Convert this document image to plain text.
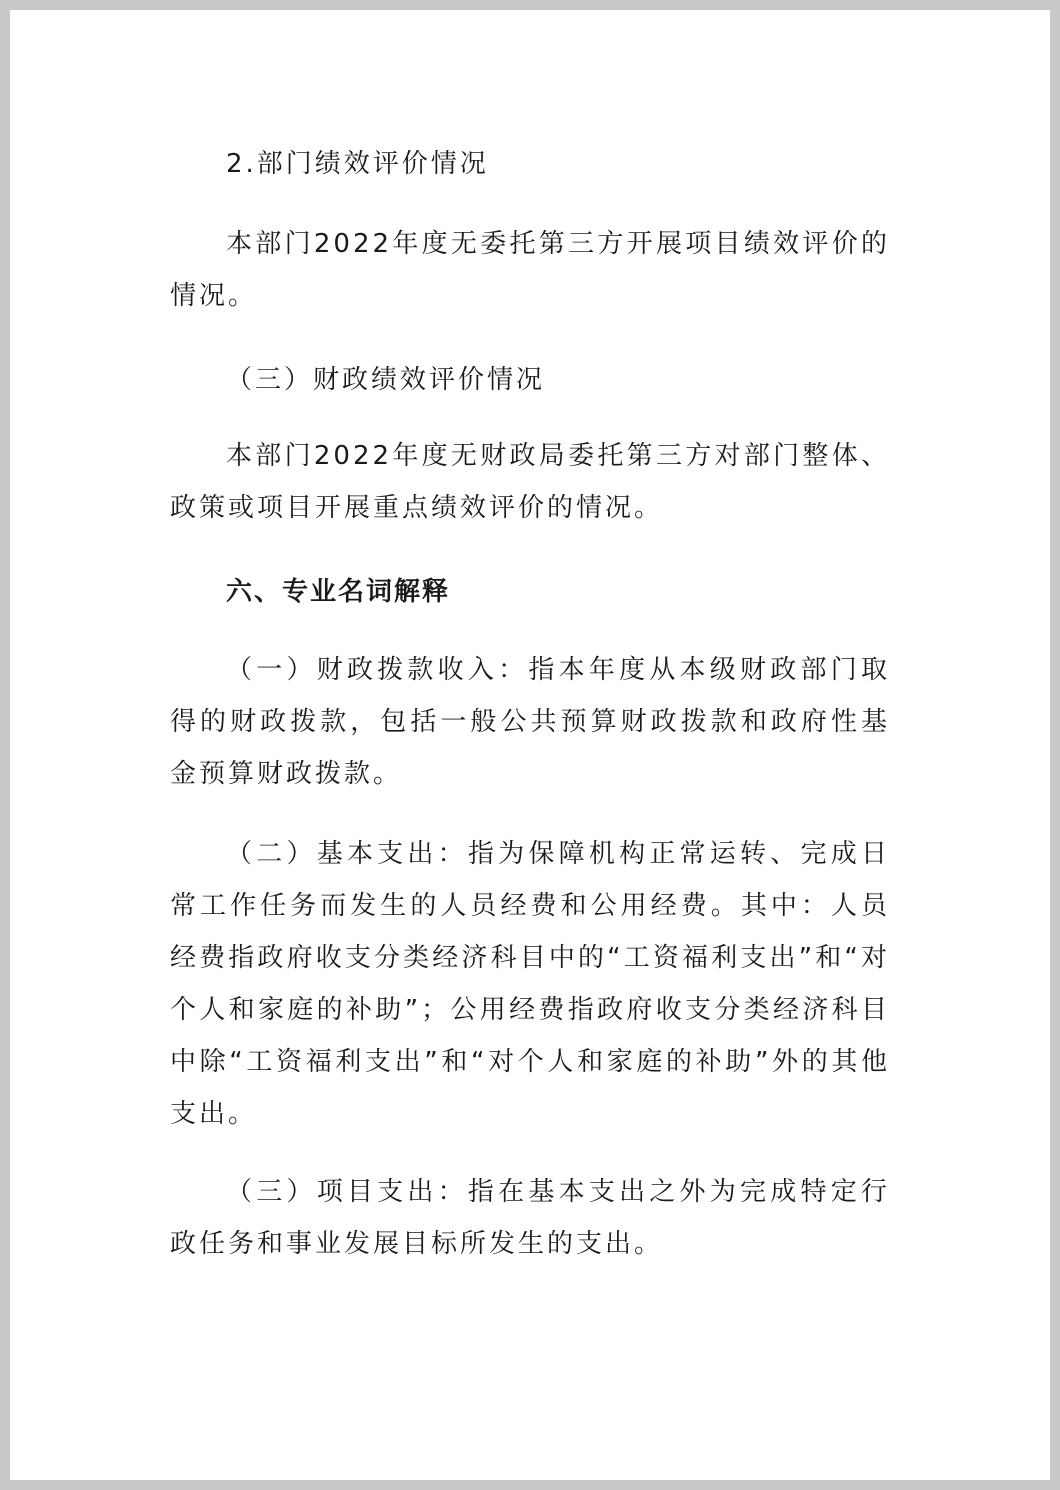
2.部门绩效评价情况

本部门2022年度无委托第三方开展项目绩效评价的情况。

（三）财政绩效评价情况

本部门2022年度无财政局委托第三方对部门整体、政策或项目开展重点绩效评价的情况。

六、专业名词解释

（一）财政拨款收入：指本年度从本级财政部门取得的财政拨款，包括一般公共预算财政拨款和政府性基金预算财政拨款。

（二）基本支出：指为保障机构正常运转、完成日常工作任务而发生的人员经费和公用经费。其中：人员经费指政府收支分类经济科目中的“工资福利支出”和“对个人和家庭的补助”；公用经费指政府收支分类经济科目中除“工资福利支出”和“对个人和家庭的补助”外的其他支出。

（三）项目支出：指在基本支出之外为完成特定行政任务和事业发展目标所发生的支出。
